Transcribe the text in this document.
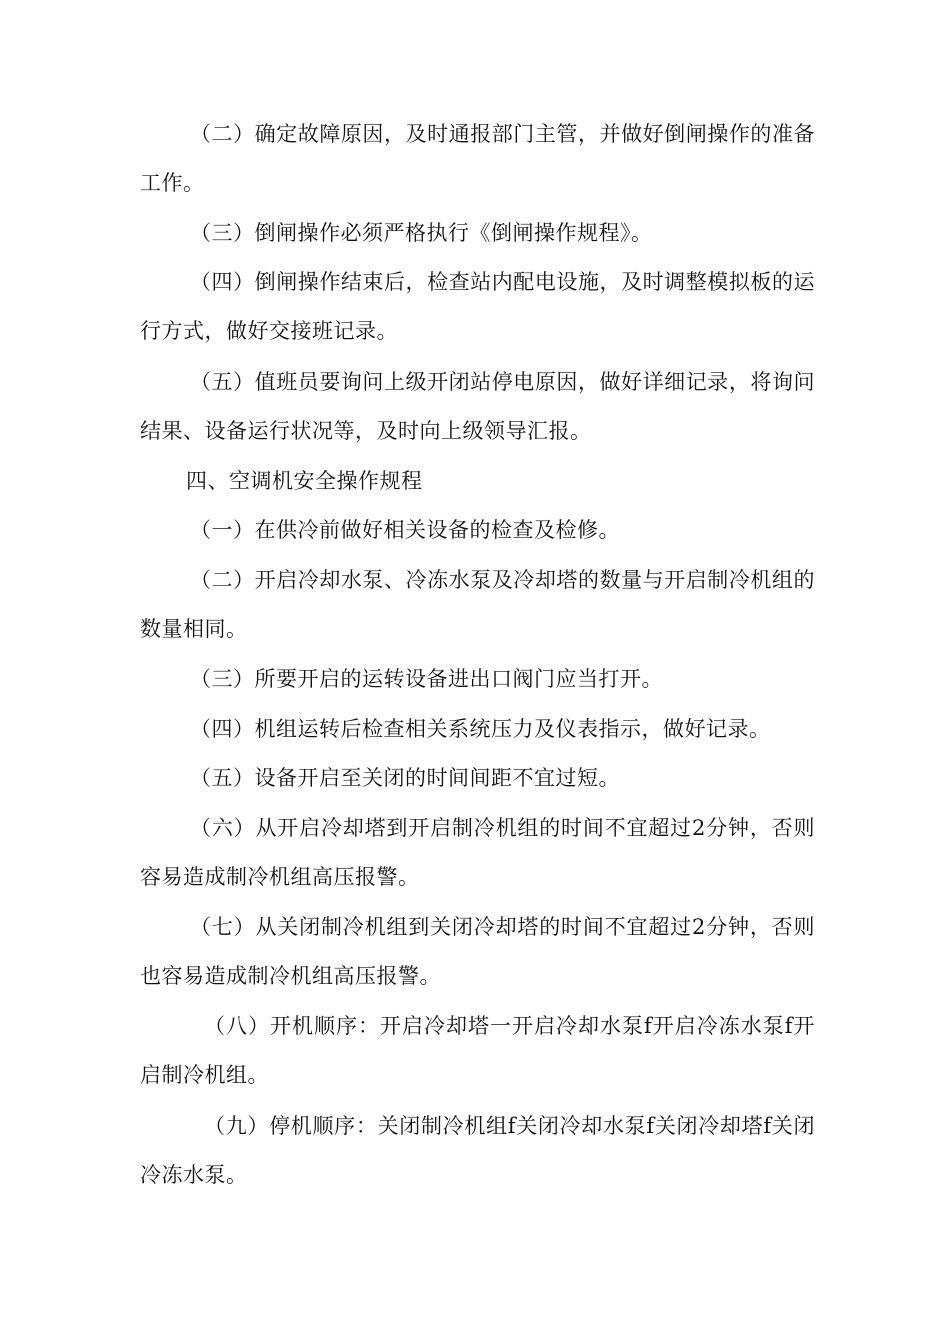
（二）确定故障原因，及时通报部门主管，并做好倒闸操作的准备工作。

（三）倒闸操作必须严格执行《倒闸操作规程》。

（四）倒闸操作结束后，检查站内配电设施，及时调整模拟板的运行方式，做好交接班记录。

（五）值班员要询问上级开闭站停电原因，做好详细记录，将询问结果、设备运行状况等，及时向上级领导汇报。

四、空调机安全操作规程

（一）在供冷前做好相关设备的检查及检修。

（二）开启冷却水泵、冷冻水泵及冷却塔的数量与开启制冷机组的数量相同。

（三）所要开启的运转设备进出口阀门应当打开。

（四）机组运转后检查相关系统压力及仪表指示，做好记录。

（五）设备开启至关闭的时间间距不宜过短。

（六）从开启冷却塔到开启制冷机组的时间不宜超过2分钟，否则容易造成制冷机组高压报警。

（七）从关闭制冷机组到关闭冷却塔的时间不宜超过2分钟，否则也容易造成制冷机组高压报警。

（八）开机顺序：开启冷却塔一开启冷却水泵f开启冷冻水泵f开启制冷机组。

（九）停机顺序：关闭制冷机组f关闭冷却水泵f关闭冷却塔f关闭冷冻水泵。
